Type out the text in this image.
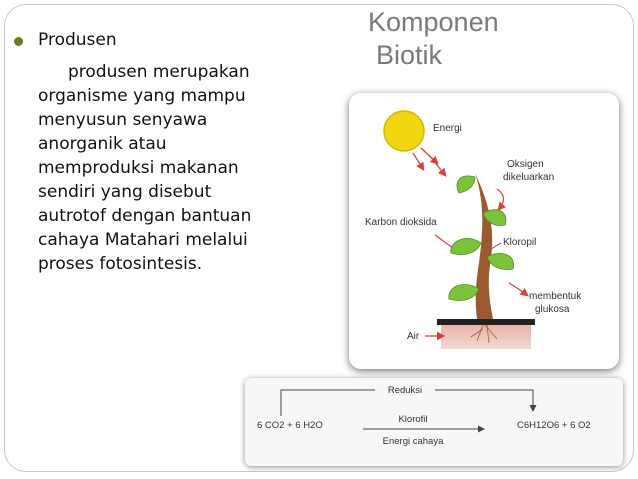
Komponen
Biotik
Produsen
produsen merupakan
organisme yang mampu
menyusun senyawa
anorganik atau
memproduksi makanan
sendiri yang disebut
autrotof dengan bantuan
cahaya Matahari melalui
proses fotosintesis.
Energi
Oksigen
dikeluarkan
Karbon dioksida
Kloropil
membentuk
glukosa
Air
Reduksi
6 CO2 + 6 H2O
Klorofil
Energi cahaya
C6H12O6 + 6 O2
